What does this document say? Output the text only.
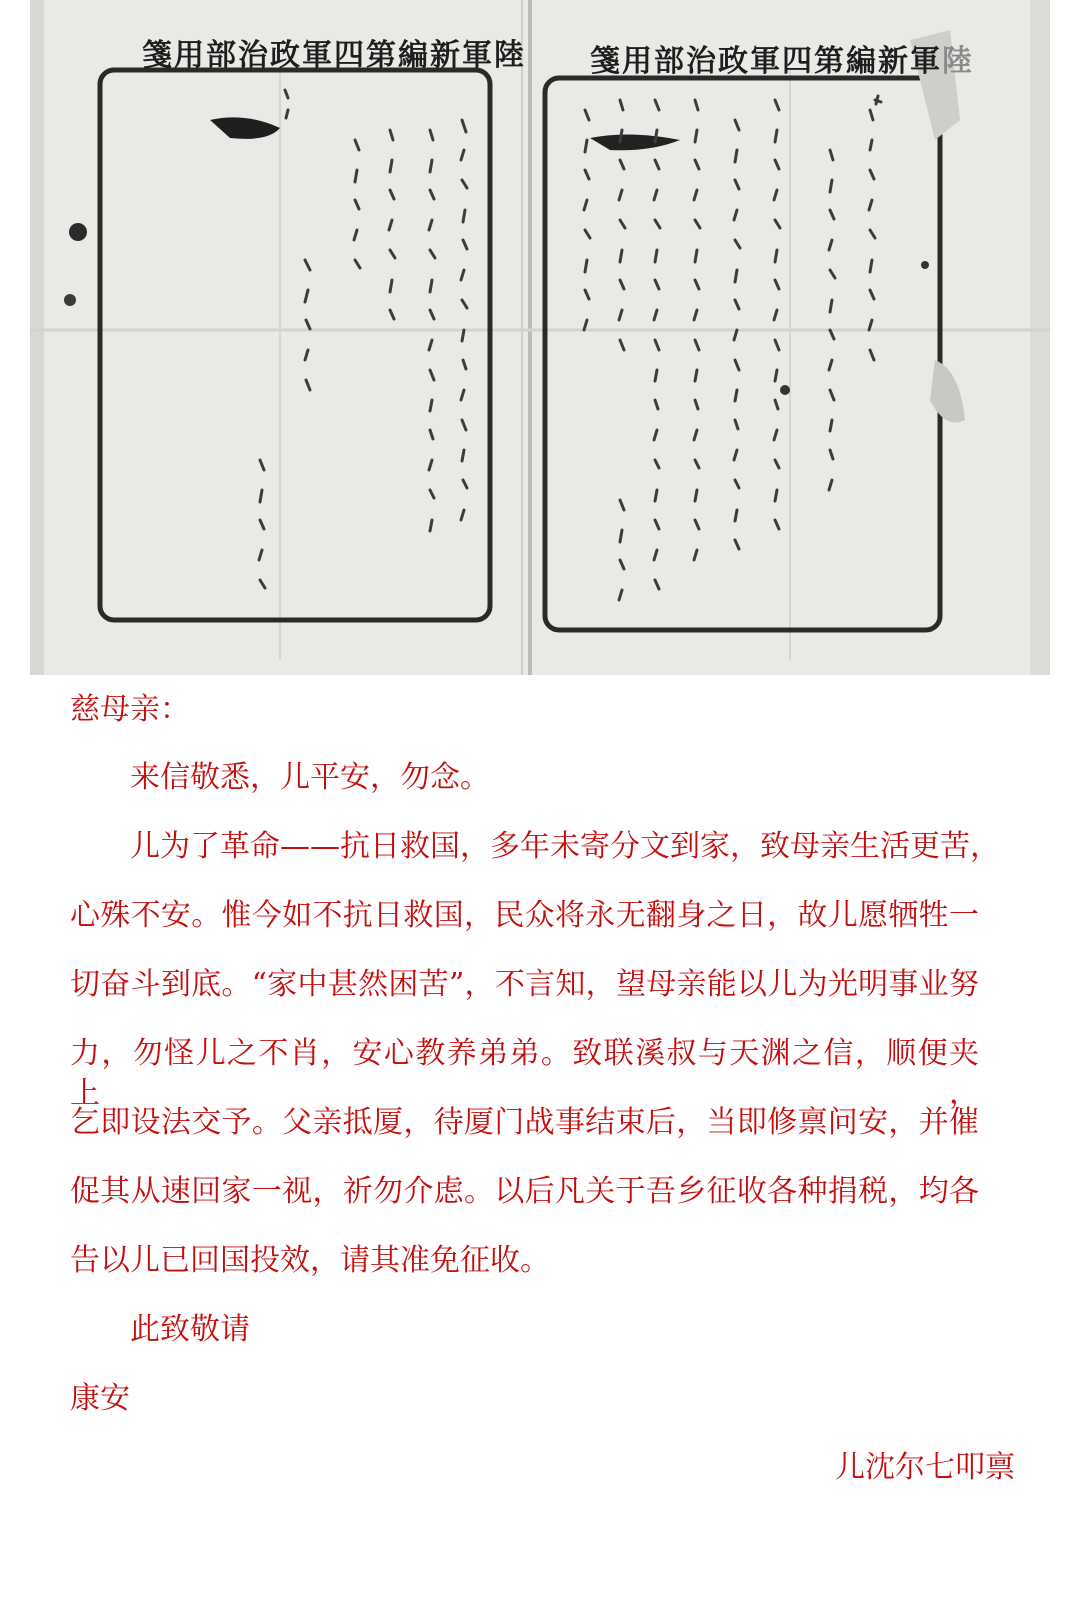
箋用部治政軍四第編新軍陸 箋用部治政軍四第編新軍陸
慈母亲：
来信敬悉，儿平安，勿念。
儿为了革命——抗日救国，多年未寄分文到家，致母亲生活更苦，
心殊不安。惟今如不抗日救国，民众将永无翻身之日，故儿愿牺牲一
切奋斗到底。“家中甚然困苦”，不言知，望母亲能以儿为光明事业努
力，勿怪儿之不肖，安心教养弟弟。致联溪叔与天渊之信，顺便夹上，
乞即设法交予。父亲抵厦，待厦门战事结束后，当即修禀问安，并催
促其从速回家一视，祈勿介虑。以后凡关于吾乡征收各种捐税，均各
告以儿已回国投效，请其准免征收。
此致敬请
康安
儿沈尔七叩禀
